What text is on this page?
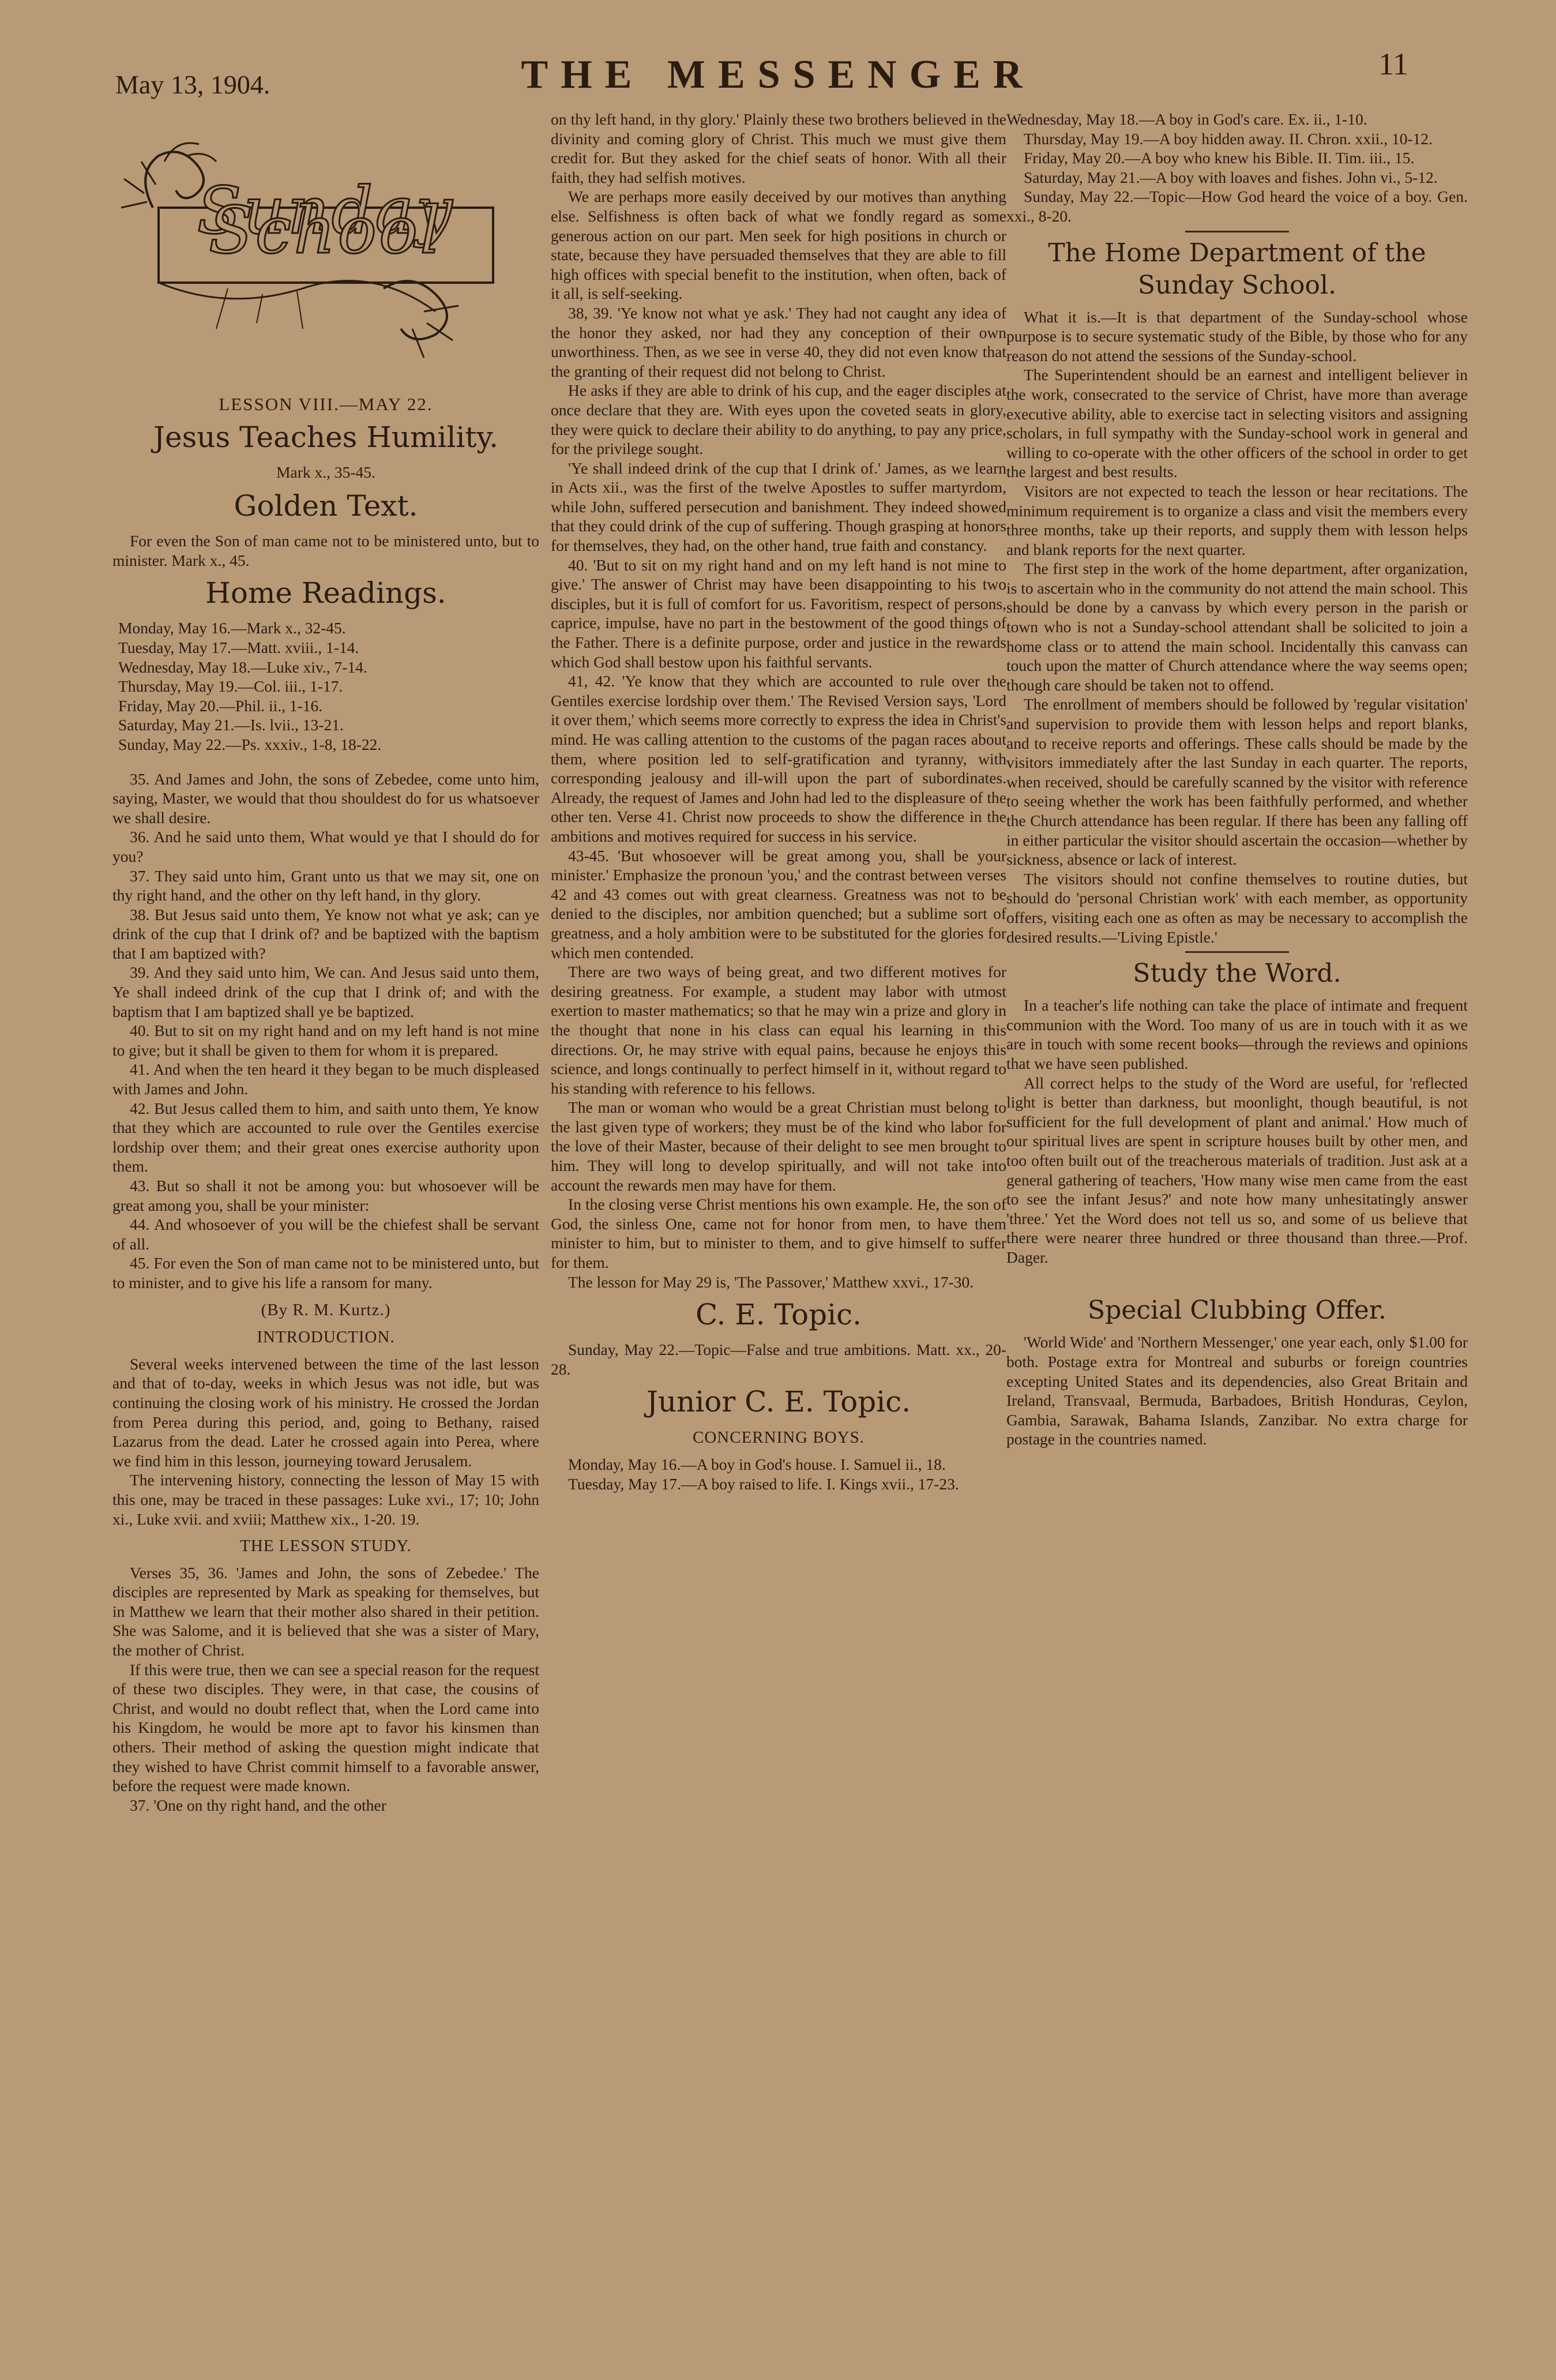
May 13, 1904.	THE MESSENGER	11
Sunday School
LESSON VIII.—MAY 22.
Jesus Teaches Humility.
Mark x., 35-45.
Golden Text.

For even the Son of man came not to be ministered unto, but to minister. Mark x., 45.

Home Readings.
Monday, May 16.—Mark x., 32-45.
Tuesday, May 17.—Matt. xviii., 1-14.
Wednesday, May 18.—Luke xiv., 7-14.
Thursday, May 19.—Col. iii., 1-17.
Friday, May 20.—Phil. ii., 1-16.
Saturday, May 21.—Is. lvii., 13-21.
Sunday, May 22.—Ps. xxxiv., 1-8, 18-22.

35. And James and John, the sons of Zebedee, come unto him, saying, Master, we would that thou shouldest do for us whatsoever we shall desire.

36. And he said unto them, What would ye that I should do for you?

37. They said unto him, Grant unto us that we may sit, one on thy right hand, and the other on thy left hand, in thy glory.

38. But Jesus said unto them, Ye know not what ye ask; can ye drink of the cup that I drink of? and be baptized with the baptism that I am baptized with?

39. And they said unto him, We can. And Jesus said unto them, Ye shall indeed drink of the cup that I drink of; and with the baptism that I am baptized shall ye be baptized.

40. But to sit on my right hand and on my left hand is not mine to give; but it shall be given to them for whom it is prepared.

41. And when the ten heard it they began to be much displeased with James and John.

42. But Jesus called them to him, and saith unto them, Ye know that they which are accounted to rule over the Gentiles exercise lordship over them; and their great ones exercise authority upon them.

43. But so shall it not be among you: but whosoever will be great among you, shall be your minister:

44. And whosoever of you will be the chiefest shall be servant of all.

45. For even the Son of man came not to be ministered unto, but to minister, and to give his life a ransom for many.

(By R. M. Kurtz.)
INTRODUCTION.

Several weeks intervened between the time of the last lesson and that of to-day, weeks in which Jesus was not idle, but was continuing the closing work of his ministry. He crossed the Jordan from Perea during this period, and, going to Bethany, raised Lazarus from the dead. Later he crossed again into Perea, where we find him in this lesson, journeying toward Jerusalem.

The intervening history, connecting the lesson of May 15 with this one, may be traced in these passages: Luke xvi., 17; 10; John xi., Luke xvii. and xviii; Matthew xix., 1-20. 19.

THE LESSON STUDY.

Verses 35, 36. 'James and John, the sons of Zebedee.' The disciples are represented by Mark as speaking for themselves, but in Matthew we learn that their mother also shared in their petition. She was Salome, and it is believed that she was a sister of Mary, the mother of Christ.

If this were true, then we can see a special reason for the request of these two disciples. They were, in that case, the cousins of Christ, and would no doubt reflect that, when the Lord came into his Kingdom, he would be more apt to favor his kinsmen than others. Their method of asking the question might indicate that they wished to have Christ commit himself to a favorable answer, before the request were made known.

37. 'One on thy right hand, and the other

on thy left hand, in thy glory.' Plainly these two brothers believed in the divinity and coming glory of Christ. This much we must give them credit for. But they asked for the chief seats of honor. With all their faith, they had selfish motives.

We are perhaps more easily deceived by our motives than anything else. Selfishness is often back of what we fondly regard as some generous action on our part. Men seek for high positions in church or state, because they have persuaded themselves that they are able to fill high offices with special benefit to the institution, when often, back of it all, is self-seeking.

38, 39. 'Ye know not what ye ask.' They had not caught any idea of the honor they asked, nor had they any conception of their own unworthiness. Then, as we see in verse 40, they did not even know that the granting of their request did not belong to Christ.

He asks if they are able to drink of his cup, and the eager disciples at once declare that they are. With eyes upon the coveted seats in glory, they were quick to declare their ability to do anything, to pay any price, for the privilege sought.

'Ye shall indeed drink of the cup that I drink of.' James, as we learn in Acts xii., was the first of the twelve Apostles to suffer martyrdom, while John, suffered persecution and banishment. They indeed showed that they could drink of the cup of suffering. Though grasping at honors for themselves, they had, on the other hand, true faith and constancy.

40. 'But to sit on my right hand and on my left hand is not mine to give.' The answer of Christ may have been disappointing to his two disciples, but it is full of comfort for us. Favoritism, respect of persons, caprice, impulse, have no part in the bestowment of the good things of the Father. There is a definite purpose, order and justice in the rewards which God shall bestow upon his faithful servants.

41, 42. 'Ye know that they which are accounted to rule over the Gentiles exercise lordship over them.' The Revised Version says, 'Lord it over them,' which seems more correctly to express the idea in Christ's mind. He was calling attention to the customs of the pagan races about them, where position led to self-gratification and tyranny, with corresponding jealousy and ill-will upon the part of subordinates. Already, the request of James and John had led to the displeasure of the other ten. Verse 41. Christ now proceeds to show the difference in the ambitions and motives required for success in his service.

43-45. 'But whosoever will be great among you, shall be your minister.' Emphasize the pronoun 'you,' and the contrast between verses 42 and 43 comes out with great clearness. Greatness was not to be denied to the disciples, nor ambition quenched; but a sublime sort of greatness, and a holy ambition were to be substituted for the glories for which men contended.

There are two ways of being great, and two different motives for desiring greatness. For example, a student may labor with utmost exertion to master mathematics; so that he may win a prize and glory in the thought that none in his class can equal his learning in this directions. Or, he may strive with equal pains, because he enjoys this science, and longs continually to perfect himself in it, without regard to his standing with reference to his fellows.

The man or woman who would be a great Christian must belong to the last given type of workers; they must be of the kind who labor for the love of their Master, because of their delight to see men brought to him. They will long to develop spiritually, and will not take into account the rewards men may have for them.

In the closing verse Christ mentions his own example. He, the son of God, the sinless One, came not for honor from men, to have them minister to him, but to minister to them, and to give himself to suffer for them.

The lesson for May 29 is, 'The Passover,' Matthew xxvi., 17-30.

C. E. Topic.

Sunday, May 22.—Topic—False and true ambitions. Matt. xx., 20-28.

Junior C. E. Topic.
CONCERNING BOYS.

Monday, May 16.—A boy in God's house. I. Samuel ii., 18.

Tuesday, May 17.—A boy raised to life. I. Kings xvii., 17-23.

Wednesday, May 18.—A boy in God's care. Ex. ii., 1-10.

Thursday, May 19.—A boy hidden away. II. Chron. xxii., 10-12.

Friday, May 20.—A boy who knew his Bible. II. Tim. iii., 15.

Saturday, May 21.—A boy with loaves and fishes. John vi., 5-12.

Sunday, May 22.—Topic—How God heard the voice of a boy. Gen. xxi., 8-20.

The Home Department of the Sunday School.

What it is.—It is that department of the Sunday-school whose purpose is to secure systematic study of the Bible, by those who for any reason do not attend the sessions of the Sunday-school.

The Superintendent should be an earnest and intelligent believer in the work, consecrated to the service of Christ, have more than average executive ability, able to exercise tact in selecting visitors and assigning scholars, in full sympathy with the Sunday-school work in general and willing to co-operate with the other officers of the school in order to get the largest and best results.

Visitors are not expected to teach the lesson or hear recitations. The minimum requirement is to organize a class and visit the members every three months, take up their reports, and supply them with lesson helps and blank reports for the next quarter.

The first step in the work of the home department, after organization, is to ascertain who in the community do not attend the main school. This should be done by a canvass by which every person in the parish or town who is not a Sunday-school attendant shall be solicited to join a home class or to attend the main school. Incidentally this canvass can touch upon the matter of Church attendance where the way seems open; though care should be taken not to offend.

The enrollment of members should be followed by 'regular visitation' and supervision to provide them with lesson helps and report blanks, and to receive reports and offerings. These calls should be made by the visitors immediately after the last Sunday in each quarter. The reports, when received, should be carefully scanned by the visitor with reference to seeing whether the work has been faithfully performed, and whether the Church attendance has been regular. If there has been any falling off in either particular the visitor should ascertain the occasion—whether by sickness, absence or lack of interest.

The visitors should not confine themselves to routine duties, but should do 'personal Christian work' with each member, as opportunity offers, visiting each one as often as may be necessary to accomplish the desired results.—'Living Epistle.'

Study the Word.

In a teacher's life nothing can take the place of intimate and frequent communion with the Word. Too many of us are in touch with it as we are in touch with some recent books—through the reviews and opinions that we have seen published.

All correct helps to the study of the Word are useful, for 'reflected light is better than darkness, but moonlight, though beautiful, is not sufficient for the full development of plant and animal.' How much of our spiritual lives are spent in scripture houses built by other men, and too often built out of the treacherous materials of tradition. Just ask at a general gathering of teachers, 'How many wise men came from the east to see the infant Jesus?' and note how many unhesitatingly answer 'three.' Yet the Word does not tell us so, and some of us believe that there were nearer three hundred or three thousand than three.—Prof. Dager.

Special Clubbing Offer.

'World Wide' and 'Northern Messenger,' one year each, only $1.00 for both. Postage extra for Montreal and suburbs or foreign countries excepting United States and its dependencies, also Great Britain and Ireland, Transvaal, Bermuda, Barbadoes, British Honduras, Ceylon, Gambia, Sarawak, Bahama Islands, Zanzibar. No extra charge for postage in the countries named.
